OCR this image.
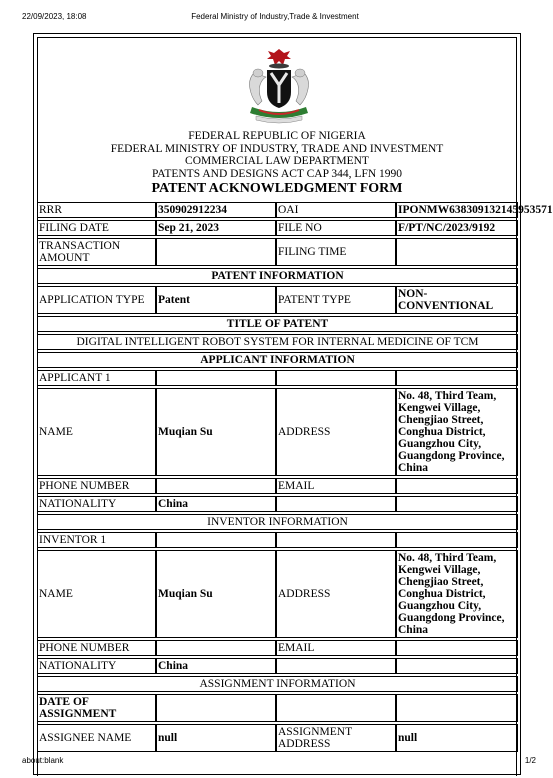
22/09/2023, 18:08	Federal Ministry of Industry,Trade & Investment
FEDERAL REPUBLIC OF NIGERIA
FEDERAL MINISTRY OF INDUSTRY, TRADE AND INVESTMENT
COMMERCIAL LAW DEPARTMENT
PATENTS AND DESIGNS ACT CAP 344, LFN 1990
PATENT ACKNOWLEDGMENT FORM
RRR	350902912234	OAI	IPONMW638309132145953571
FILING DATE	Sep 21, 2023	FILE NO	F/PT/NC/2023/9192
TRANSACTION AMOUNT		FILING TIME	
PATENT INFORMATION			
APPLICATION TYPE	Patent	PATENT TYPE	NON-CONVENTIONAL
TITLE OF PATENT			
DIGITAL INTELLIGENT ROBOT SYSTEM FOR INTERNAL MEDICINE OF TCM			
APPLICANT INFORMATION			
APPLICANT 1			
NAME	Muqian Su	ADDRESS	No. 48, Third Team, Kengwei Village, Chengjiao Street, Conghua District, Guangzhou City, Guangdong Province, China
PHONE NUMBER		EMAIL	
NATIONALITY	China		
INVENTOR INFORMATION			
INVENTOR 1			
NAME	Muqian Su	ADDRESS	No. 48, Third Team, Kengwei Village, Chengjiao Street, Conghua District, Guangzhou City, Guangdong Province, China
PHONE NUMBER		EMAIL	
NATIONALITY	China		
ASSIGNMENT INFORMATION			
DATE OF ASSIGNMENT			
ASSIGNEE NAME	null	ASSIGNMENT ADDRESS	null
about:blank	1/2
